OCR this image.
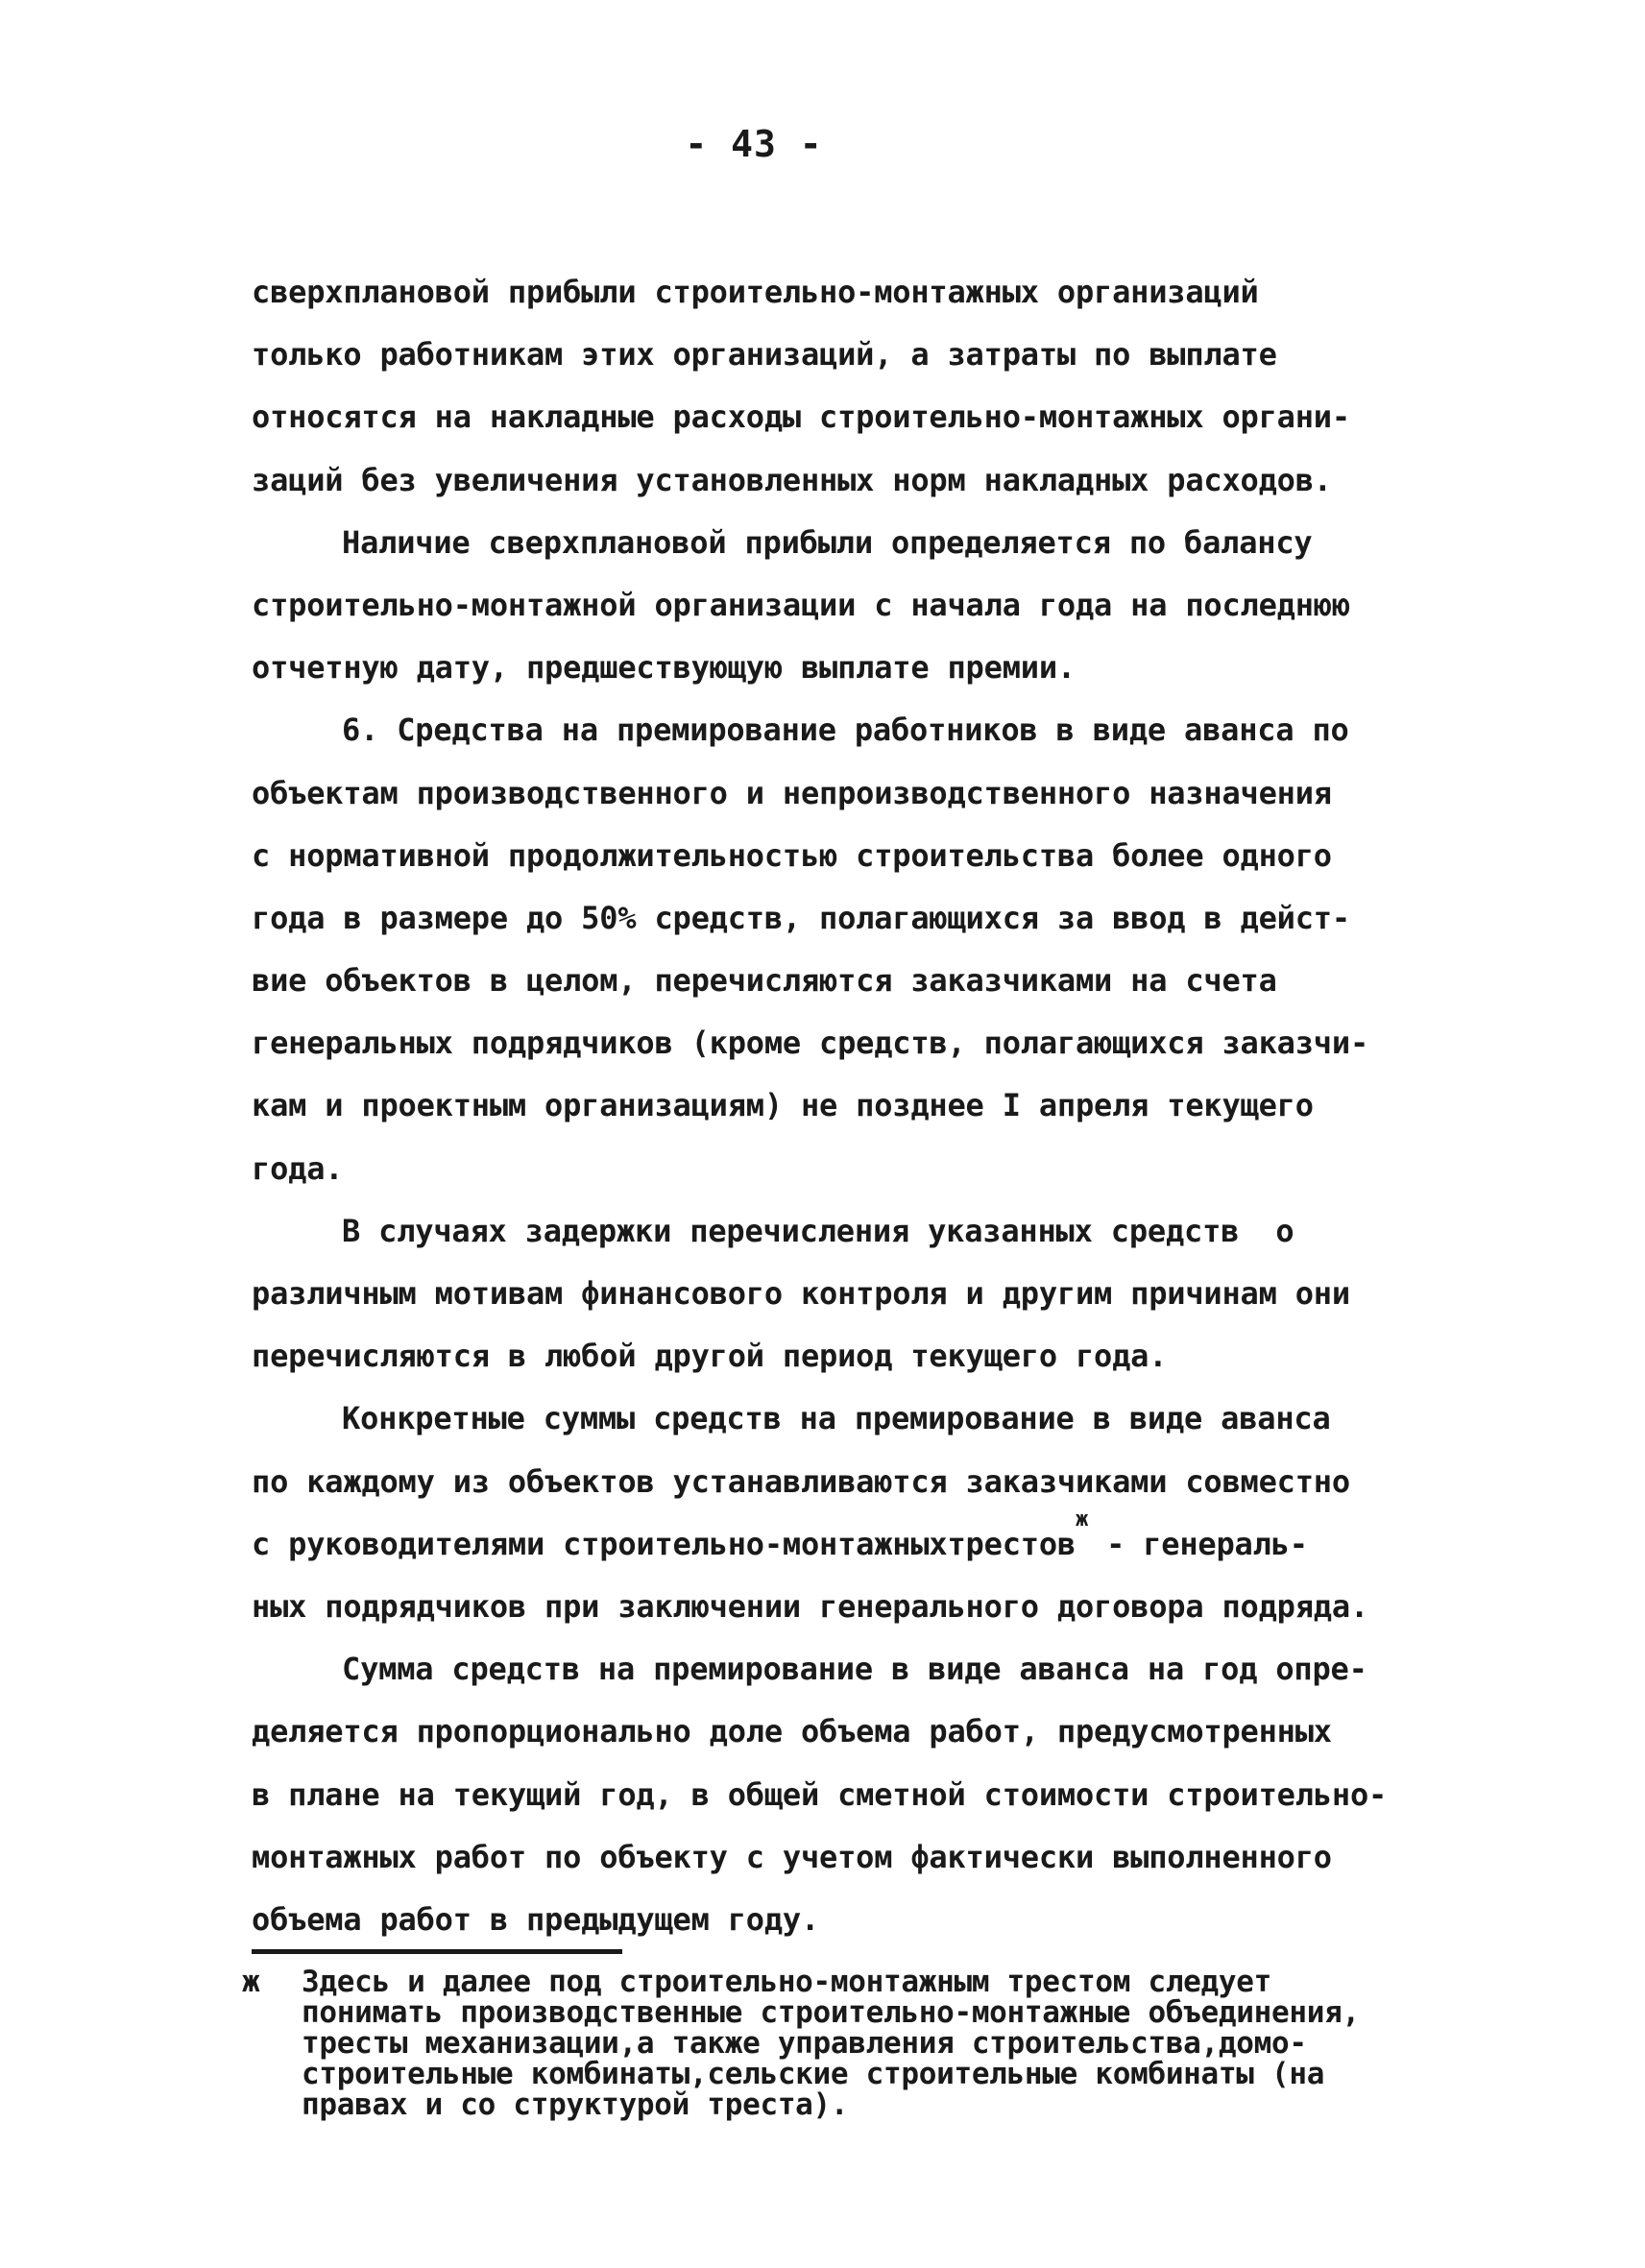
- 43 -
сверхплановой прибыли строительно-монтажных организаций
только работникам этих организаций, а затраты по выплате
относятся на накладные расходы строительно-монтажных органи-
заций без увеличения установленных норм накладных расходов.
Наличие сверхплановой прибыли определяется по балансу
строительно-монтажной организации с начала года на последнюю
отчетную дату, предшествующую выплате премии.
6. Средства на премирование работников в виде аванса по
объектам производственного и непроизводственного назначения
с нормативной продолжительностью строительства более одного
года в размере до 50% средств, полагающихся за ввод в дейст-
вие объектов в целом, перечисляются заказчиками на счета
генеральных подрядчиков (кроме средств, полагающихся заказчи-
кам и проектным организациям) не позднее I апреля текущего
года.
В случаях задержки перечисления указанных средств  о
различным мотивам финансового контроля и другим причинам они
перечисляются в любой другой период текущего года.
Конкретные суммы средств на премирование в виде аванса
по каждому из объектов устанавливаются заказчиками совместно
с руководителями строительно-монтажныхтрестов$^ж$ - генераль-
ных подрядчиков при заключении генерального договора подряда.
Сумма средств на премирование в виде аванса на год опре-
деляется пропорционально доле объема работ, предусмотренных
в плане на текущий год, в общей сметной стоимости строительно-
монтажных работ по объекту с учетом фактически выполненного
объема работ в предыдущем году.
ж	Здесь и далее под строительно-монтажным трестом следует
понимать производственные строительно-монтажные объединения,
тресты механизации,а также управления строительства,домо-
строительные комбинаты,сельские строительные комбинаты (на
правах и со структурой треста).
